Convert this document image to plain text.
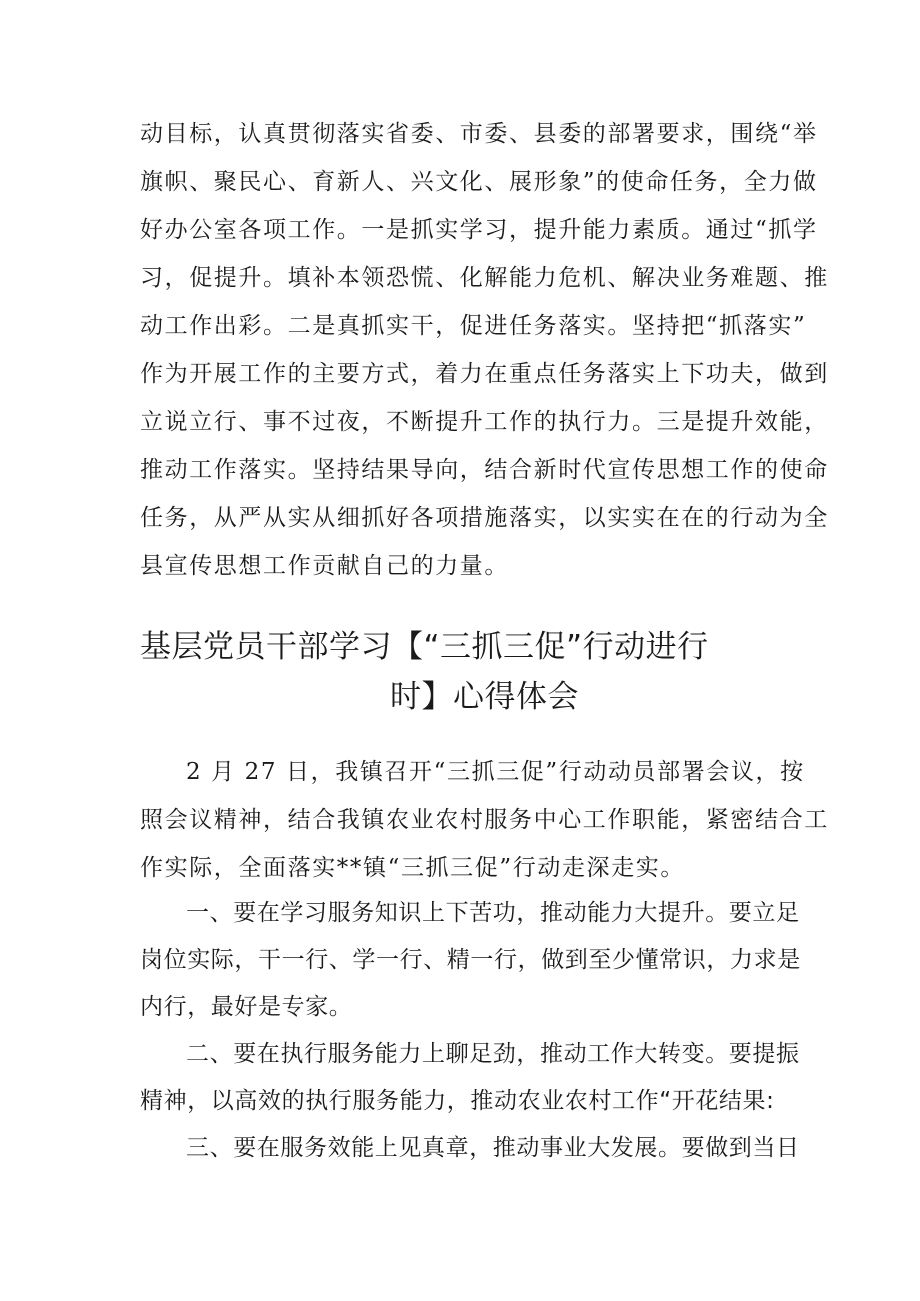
动目标，认真贯彻落实省委、市委、县委的部署要求，围绕“举
旗帜、聚民心、育新人、兴文化、展形象”的使命任务，全力做
好办公室各项工作。一是抓实学习，提升能力素质。通过“抓学
习，促提升。填补本领恐慌、化解能力危机、解决业务难题、推
动工作出彩。二是真抓实干，促进任务落实。坚持把“抓落实”
作为开展工作的主要方式，着力在重点任务落实上下功夫，做到
立说立行、事不过夜，不断提升工作的执行力。三是提升效能，
推动工作落实。坚持结果导向，结合新时代宣传思想工作的使命
任务，从严从实从细抓好各项措施落实，以实实在在的行动为全
县宣传思想工作贡献自己的力量。
基层党员干部学习【“三抓三促”行动进行
时】心得体会
2 月 27 日，我镇召开“三抓三促”行动动员部署会议，按
照会议精神，结合我镇农业农村服务中心工作职能，紧密结合工
作实际，全面落实**镇“三抓三促”行动走深走实。
一、要在学习服务知识上下苦功，推动能力大提升。要立足
岗位实际，干一行、学一行、精一行，做到至少懂常识，力求是
内行，最好是专家。
二、要在执行服务能力上聊足劲，推动工作大转变。要提振
精神，以高效的执行服务能力，推动农业农村工作“开花结果:
三、要在服务效能上见真章，推动事业大发展。要做到当日
